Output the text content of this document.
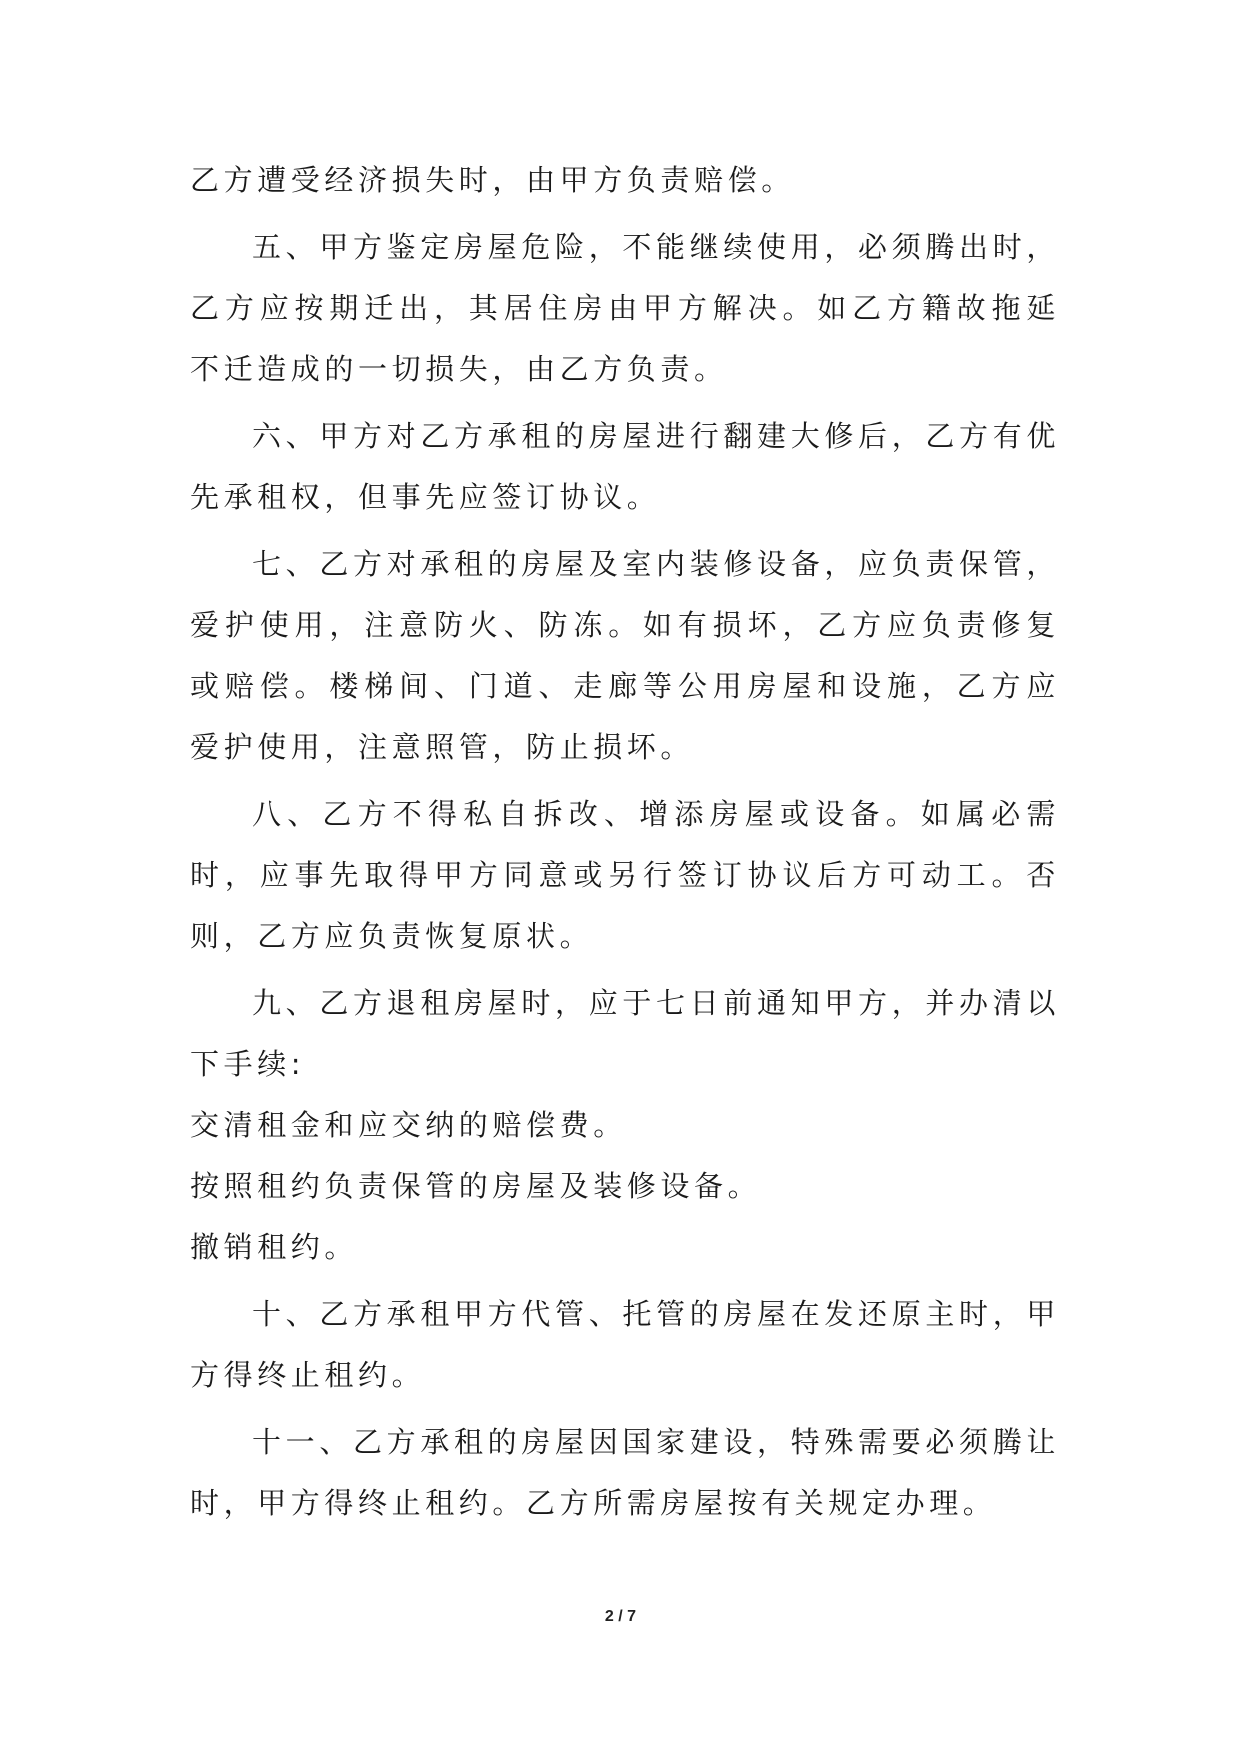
乙方遭受经济损失时，由甲方负责赔偿。

五、甲方鉴定房屋危险，不能继续使用，必须腾出时，乙方应按期迁出，其居住房由甲方解决。如乙方籍故拖延不迁造成的一切损失，由乙方负责。

六、甲方对乙方承租的房屋进行翻建大修后，乙方有优先承租权，但事先应签订协议。

七、乙方对承租的房屋及室内装修设备，应负责保管，爱护使用，注意防火、防冻。如有损坏，乙方应负责修复或赔偿。楼梯间、门道、走廊等公用房屋和设施，乙方应爱护使用，注意照管，防止损坏。

八、乙方不得私自拆改、增添房屋或设备。如属必需时，应事先取得甲方同意或另行签订协议后方可动工。否则，乙方应负责恢复原状。

九、乙方退租房屋时，应于七日前通知甲方，并办清以下手续:

交清租金和应交纳的赔偿费。

按照租约负责保管的房屋及装修设备。

撤销租约。

十、乙方承租甲方代管、托管的房屋在发还原主时，甲方得终止租约。

十一、乙方承租的房屋因国家建设，特殊需要必须腾让时，甲方得终止租约。乙方所需房屋按有关规定办理。

2 / 7
